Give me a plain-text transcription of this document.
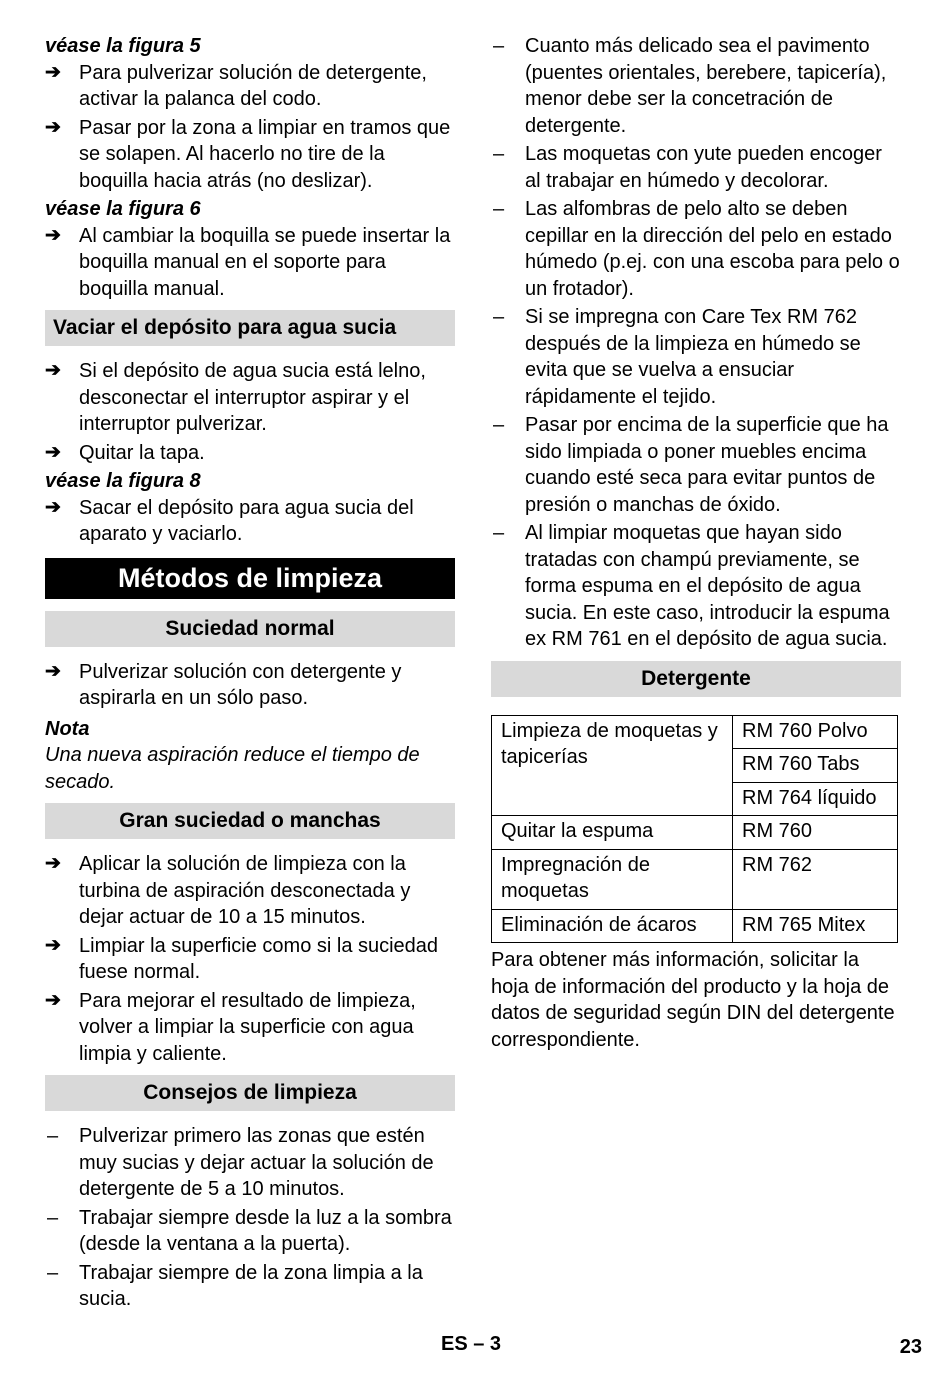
véase la figura 5
➔ Para pulverizar solución de detergente, activar la palanca del codo.
➔ Pasar por la zona a limpiar en tramos que se solapen. Al hacerlo no tire de la boquilla hacia atrás (no deslizar).
véase la figura 6
➔ Al cambiar la boquilla se puede insertar la boquilla manual en el soporte para boquilla manual.
Vaciar el depósito para agua sucia
➔ Si el depósito de agua sucia está lelno, desconectar el interruptor aspirar y el interruptor pulverizar.
➔ Quitar la tapa.
véase la figura 8
➔ Sacar el depósito para agua sucia del aparato y vaciarlo.
Métodos de limpieza
Suciedad normal
➔ Pulverizar solución con detergente y aspirarla en un sólo paso.
Nota
Una nueva aspiración reduce el tiempo de secado.
Gran suciedad o manchas
➔ Aplicar la solución de limpieza con la turbina de aspiración desconectada y dejar actuar de 10 a 15 minutos.
➔ Limpiar la superficie como si la suciedad fuese normal.
➔ Para mejorar el resultado de limpieza, volver a limpiar la superficie con agua limpia y caliente.
Consejos de limpieza
–	Pulverizar primero las zonas que estén muy sucias y dejar actuar la solución de detergente de 5 a 10 minutos.
–	Trabajar siempre desde la luz a la sombra (desde la ventana a la puerta).
–	Trabajar siempre de la zona limpia a la sucia.
–	Cuanto más delicado sea el pavimento (puentes orientales, berebere, tapicería), menor debe ser la concetración de detergente.
–	Las moquetas con yute pueden encoger al trabajar en húmedo y decolorar.
–	Las alfombras de pelo alto se deben cepillar en la dirección del pelo en estado húmedo (p.ej. con una escoba para pelo o un frotador).
–	Si se impregna con Care Tex RM 762 después de la limpieza en húmedo se evita que se vuelva a ensuciar rápidamente el tejido.
–	Pasar por encima de la superficie que ha sido limpiada o poner muebles encima cuando esté seca para evitar puntos de presión o manchas de óxido.
–	Al limpiar moquetas que hayan sido tratadas con champú previamente, se forma espuma en el depósito de agua sucia. En este caso, introducir la espuma ex RM 761 en el depósito de agua sucia.
Detergente
Limpieza de moquetas y tapicerías	RM 760 Polvo
	RM 760 Tabs
	RM 764 líquido
Quitar la espuma	RM 760
Impregnación de moquetas	RM 762
Eliminación de ácaros	RM 765 Mitex
Para obtener más información, solicitar la hoja de información del producto y la hoja de datos de seguridad según DIN del detergente correspondiente.
ES – 3	23
